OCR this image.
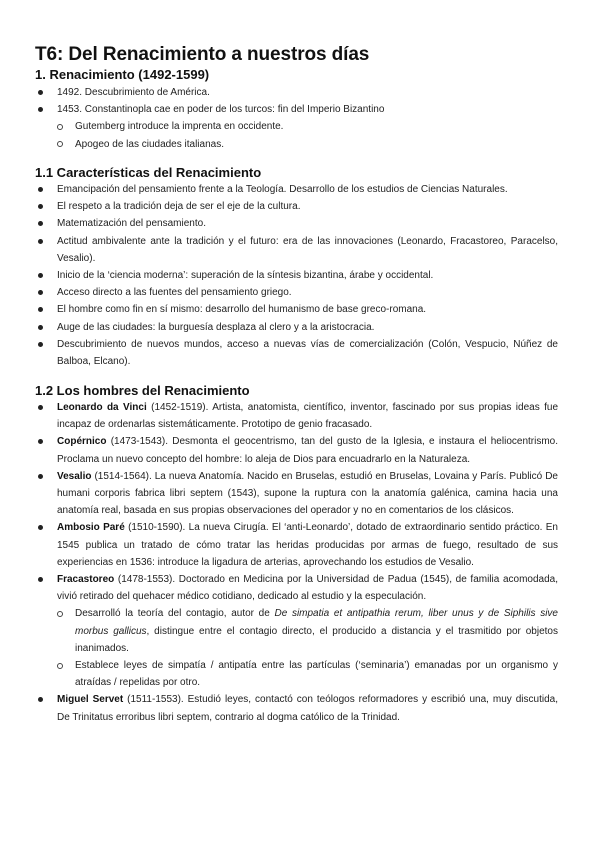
T6: Del Renacimiento a nuestros días
1. Renacimiento (1492-1599)
1492. Descubrimiento de América.
1453. Constantinopla cae en poder de los turcos: fin del Imperio Bizantino
Gutemberg introduce la imprenta en occidente.
Apogeo de las ciudades italianas.
1.1 Características del Renacimiento
Emancipación del pensamiento frente a la Teología. Desarrollo de los estudios de Ciencias Naturales.
El respeto a la tradición deja de ser el eje de la cultura.
Matematización del pensamiento.
Actitud ambivalente ante la tradición y el futuro: era de las innovaciones (Leonardo, Fracastoreo, Paracelso, Vesalio).
Inicio de la ‘ciencia moderna’: superación de la síntesis bizantina, árabe y occidental.
Acceso directo a las fuentes del pensamiento griego.
El hombre como fin en sí mismo: desarrollo del humanismo de base greco-romana.
Auge de las ciudades: la burguesía desplaza al clero y a la aristocracia.
Descubrimiento de nuevos mundos, acceso a nuevas vías de comercialización (Colón, Vespucio, Núñez de Balboa, Elcano).
1.2 Los hombres del Renacimiento
Leonardo da Vinci (1452-1519). Artista, anatomista, científico, inventor, fascinado por sus propias ideas fue incapaz de ordenarlas sistemáticamente. Prototipo de genio fracasado.
Copérnico (1473-1543). Desmonta el geocentrismo, tan del gusto de la Iglesia, e instaura el heliocentrismo. Proclama un nuevo concepto del hombre: lo aleja de Dios para encuadrarlo en la Naturaleza.
Vesalio (1514-1564). La nueva Anatomía. Nacido en Bruselas, estudió en Bruselas, Lovaina y París. Publicó De humani corporis fabrica libri septem (1543), supone la ruptura con la anatomía galénica, camina hacia una anatomía real, basada en sus propias observaciones del operador y no en comentarios de los clásicos.
Ambosio Paré (1510-1590). La nueva Cirugía. El ‘anti-Leonardo’, dotado de extraordinario sentido práctico. En 1545 publica un tratado de cómo tratar las heridas producidas por armas de fuego, resultado de sus experiencias en 1536: introduce la ligadura de arterias, aprovechando los estudios de Vesalio.
Fracastoreo (1478-1553). Doctorado en Medicina por la Universidad de Padua (1545), de familia acomodada, vivió retirado del quehacer médico cotidiano, dedicado al estudio y la especulación.
Desarrolló la teoría del contagio, autor de De simpatia et antipathia rerum, liber unus y de Siphilis sive morbus gallicus, distingue entre el contagio directo, el producido a distancia y el trasmitido por objetos inanimados.
Establece leyes de simpatía / antipatía entre las partículas (‘seminaria’) emanadas por un organismo y atraídas / repelidas por otro.
Miguel Servet (1511-1553). Estudió leyes, contactó con teólogos reformadores y escribió una, muy discutida, De Trinitatus erroribus libri septem, contrario al dogma católico de la Trinidad.
